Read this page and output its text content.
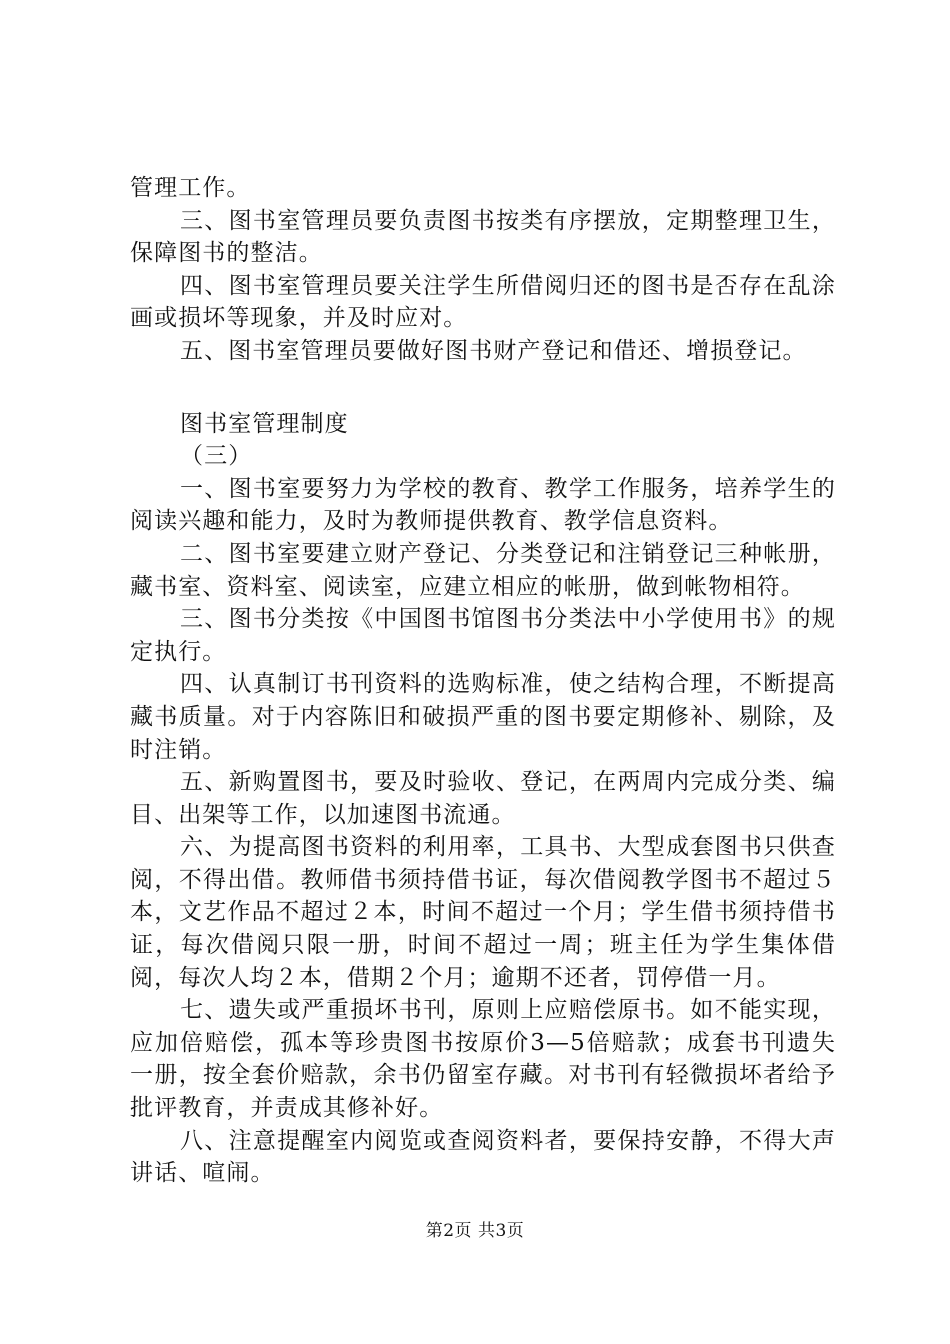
管理工作。

三、图书室管理员要负责图书按类有序摆放，定期整理卫生，保障图书的整洁。

四、图书室管理员要关注学生所借阅归还的图书是否存在乱涂画或损坏等现象，并及时应对。

五、图书室管理员要做好图书财产登记和借还、增损登记。

图书室管理制度

（三）

一、图书室要努力为学校的教育、教学工作服务，培养学生的阅读兴趣和能力，及时为教师提供教育、教学信息资料。

二、图书室要建立财产登记、分类登记和注销登记三种帐册，藏书室、资料室、阅读室，应建立相应的帐册，做到帐物相符。

三、图书分类按《中国图书馆图书分类法中小学使用书》的规定执行。

四、认真制订书刊资料的选购标准，使之结构合理，不断提高藏书质量。对于内容陈旧和破损严重的图书要定期修补、剔除，及时注销。

五、新购置图书，要及时验收、登记，在两周内完成分类、编目、出架等工作，以加速图书流通。

六、为提高图书资料的利用率，工具书、大型成套图书只供查阅，不得出借。教师借书须持借书证，每次借阅教学图书不超过５本，文艺作品不超过２本，时间不超过一个月；学生借书须持借书证，每次借阅只限一册，时间不超过一周；班主任为学生集体借阅，每次人均２本，借期２个月；逾期不还者，罚停借一月。

七、遗失或严重损坏书刊，原则上应赔偿原书。如不能实现，应加倍赔偿，孤本等珍贵图书按原价3—5倍赔款；成套书刊遗失一册，按全套价赔款，余书仍留室存藏。对书刊有轻微损坏者给予批评教育，并责成其修补好。

八、注意提醒室内阅览或查阅资料者，要保持安静，不得大声讲话、喧闹。

第2页 共3页
